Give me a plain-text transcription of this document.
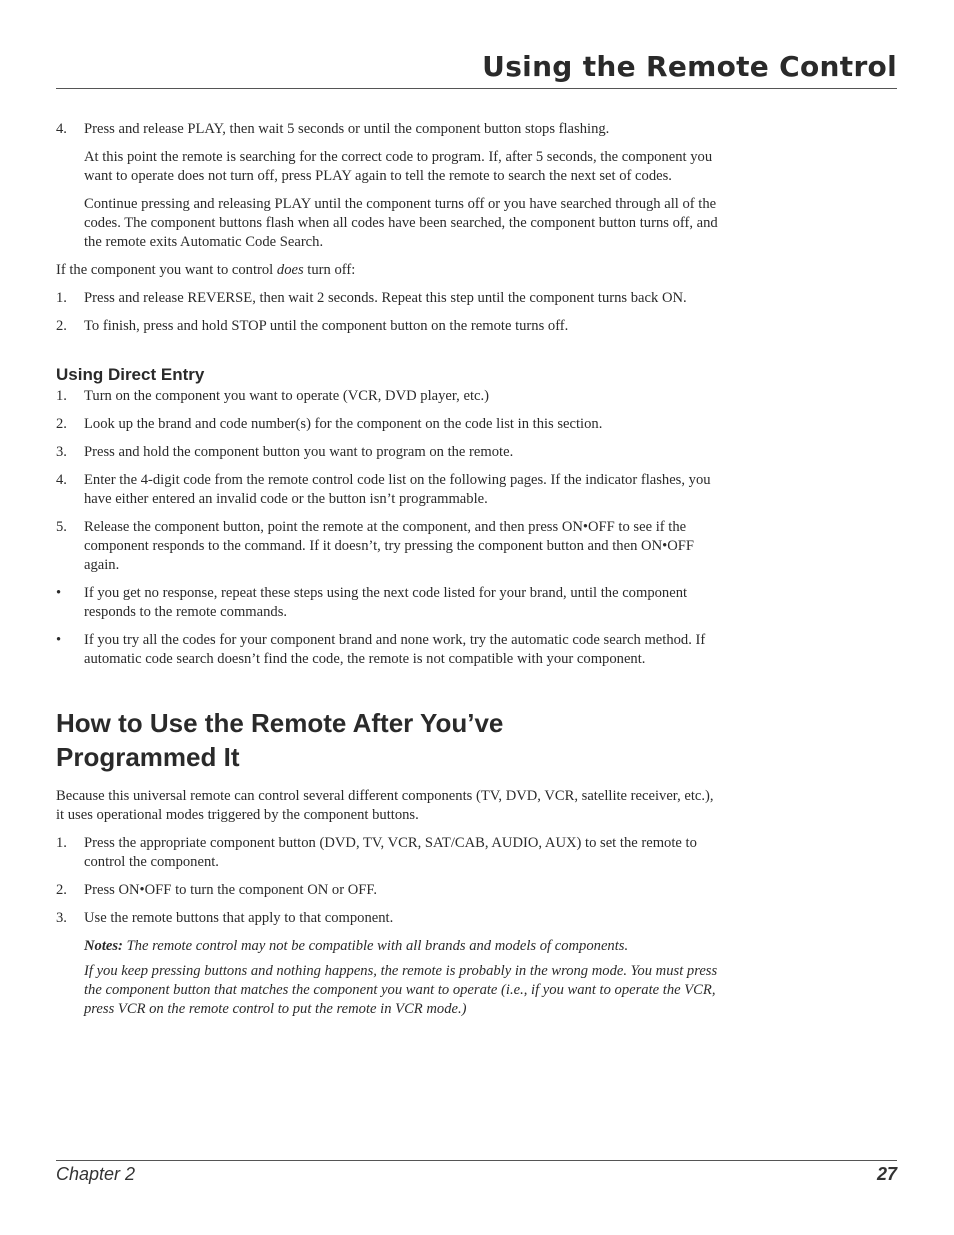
Using the Remote Control
4. Press and release PLAY, then wait 5 seconds or until the component button stops flashing.

At this point the remote is searching for the correct code to program. If, after 5 seconds, the component you want to operate does not turn off, press PLAY again to tell the remote to search the next set of codes.

Continue pressing and releasing PLAY until the component turns off or you have searched through all of the codes. The component buttons flash when all codes have been searched, the component button turns off, and the remote exits Automatic Code Search.

If the component you want to control does turn off:

1. Press and release REVERSE, then wait 2 seconds. Repeat this step until the component turns back ON.
2. To finish, press and hold STOP until the component button on the remote turns off.
Using Direct Entry
1. Turn on the component you want to operate (VCR, DVD player, etc.)
2. Look up the brand and code number(s) for the component on the code list in this section.
3. Press and hold the component button you want to program on the remote.
4. Enter the 4-digit code from the remote control code list on the following pages. If the indicator flashes, you have either entered an invalid code or the button isn’t programmable.
5. Release the component button, point the remote at the component, and then press ON•OFF to see if the component responds to the command. If it doesn’t, try pressing the component button and then ON•OFF again.
• If you get no response, repeat these steps using the next code listed for your brand, until the component responds to the remote commands.
• If you try all the codes for your component brand and none work, try the automatic code search method. If automatic code search doesn’t find the code, the remote is not compatible with your component.
How to Use the Remote After You’ve
Programmed It

Because this universal remote can control several different components (TV, DVD, VCR, satellite receiver, etc.), it uses operational modes triggered by the component buttons.

1. Press the appropriate component button (DVD, TV, VCR, SAT/CAB, AUDIO, AUX) to set the remote to control the component.
2. Press ON•OFF to turn the component ON or OFF.
3. Use the remote buttons that apply to that component.

Notes: The remote control may not be compatible with all brands and models of components.

If you keep pressing buttons and nothing happens, the remote is probably in the wrong mode. You must press the component button that matches the component you want to operate (i.e., if you want to operate the VCR, press VCR on the remote control to put the remote in VCR mode.)

Chapter 2	27
